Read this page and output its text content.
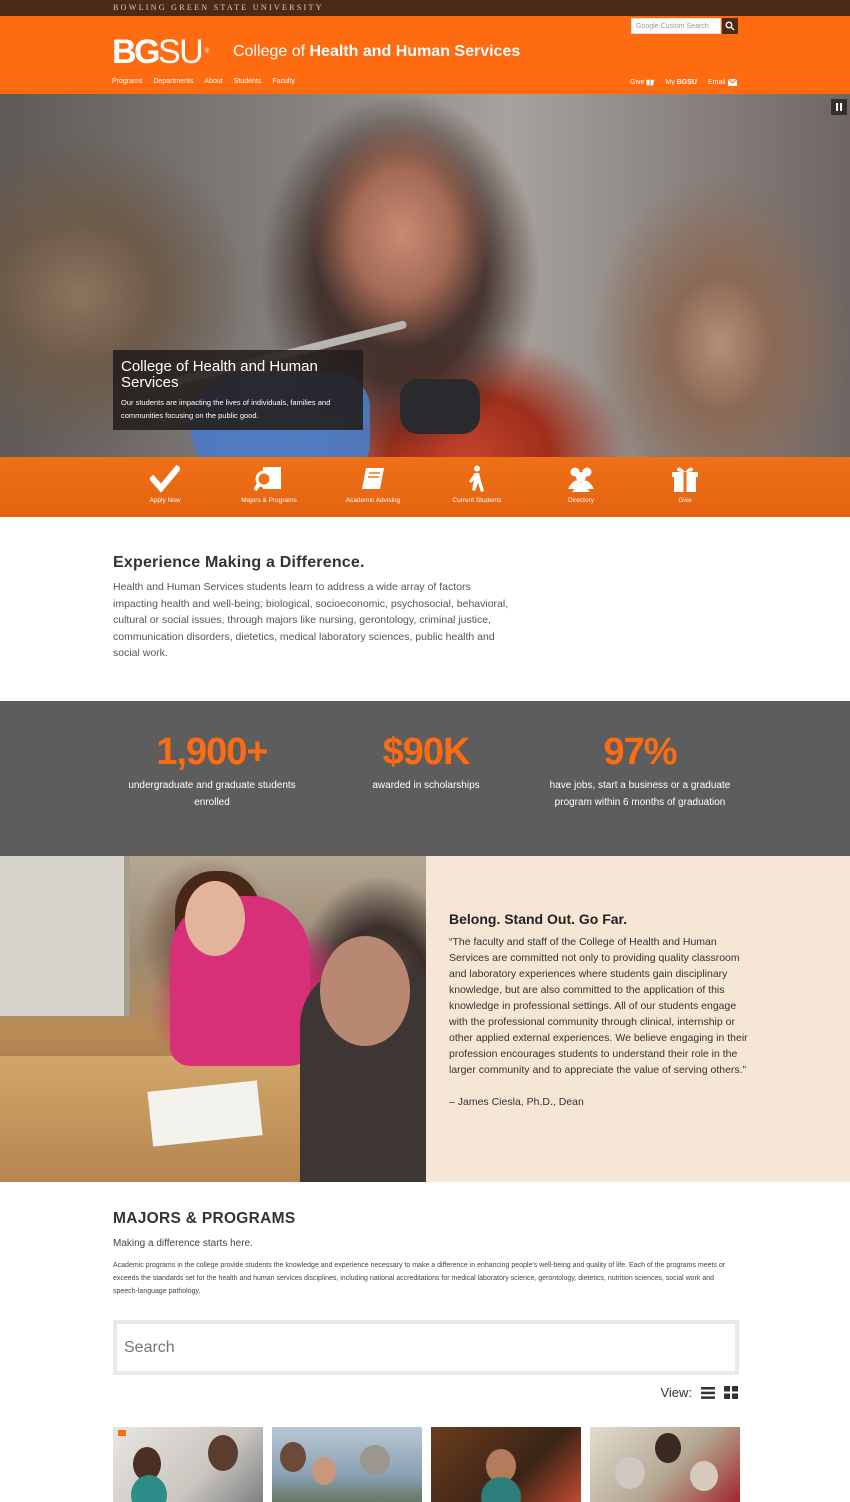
BOWLING GREEN STATE UNIVERSITY
BGSU ® College of Health and Human Services
Google Custom Search
Programs Departments About Students Faculty	Give	My BGSU Email
College of Health and Human Services

Our students are impacting the lives of individuals, families and communities focusing on the public good.

Apply Now	Majors & Programs	Academic Advising	Current Students	Directory	Give
Experience Making a Difference.

Health and Human Services students learn to address a wide array of factors impacting health and well-being; biological, socioeconomic, psychosocial, behavioral, cultural or social issues, through majors like nursing, gerontology, criminal justice, communication disorders, dietetics, medical laboratory sciences, public health and social work.

1,900+
undergraduate and graduate students enrolled
$90K
awarded in scholarships
97%
have jobs, start a business or a graduate program within 6 months of graduation
Belong. Stand Out. Go Far.

“The faculty and staff of the College of Health and Human Services are committed not only to providing quality classroom and laboratory experiences where students gain disciplinary knowledge, but are also committed to the application of this knowledge in professional settings. All of our students engage with the professional community through clinical, internship or other applied external experiences. We believe engaging in their profession encourages students to understand their role in the larger community and to appreciate the value of serving others.”

– James Ciesla, Ph.D., Dean

MAJORS & PROGRAMS

Making a difference starts here.

Academic programs in the college provide students the knowledge and experience necessary to make a difference in enhancing people's well-being and quality of life. Each of the programs meets or exceeds the standards set for the health and human services disciplines, including national accreditations for medical laboratory science, gerontology, dietetics, nutrition sciences, social work and speech-language pathology.

Search
View:
